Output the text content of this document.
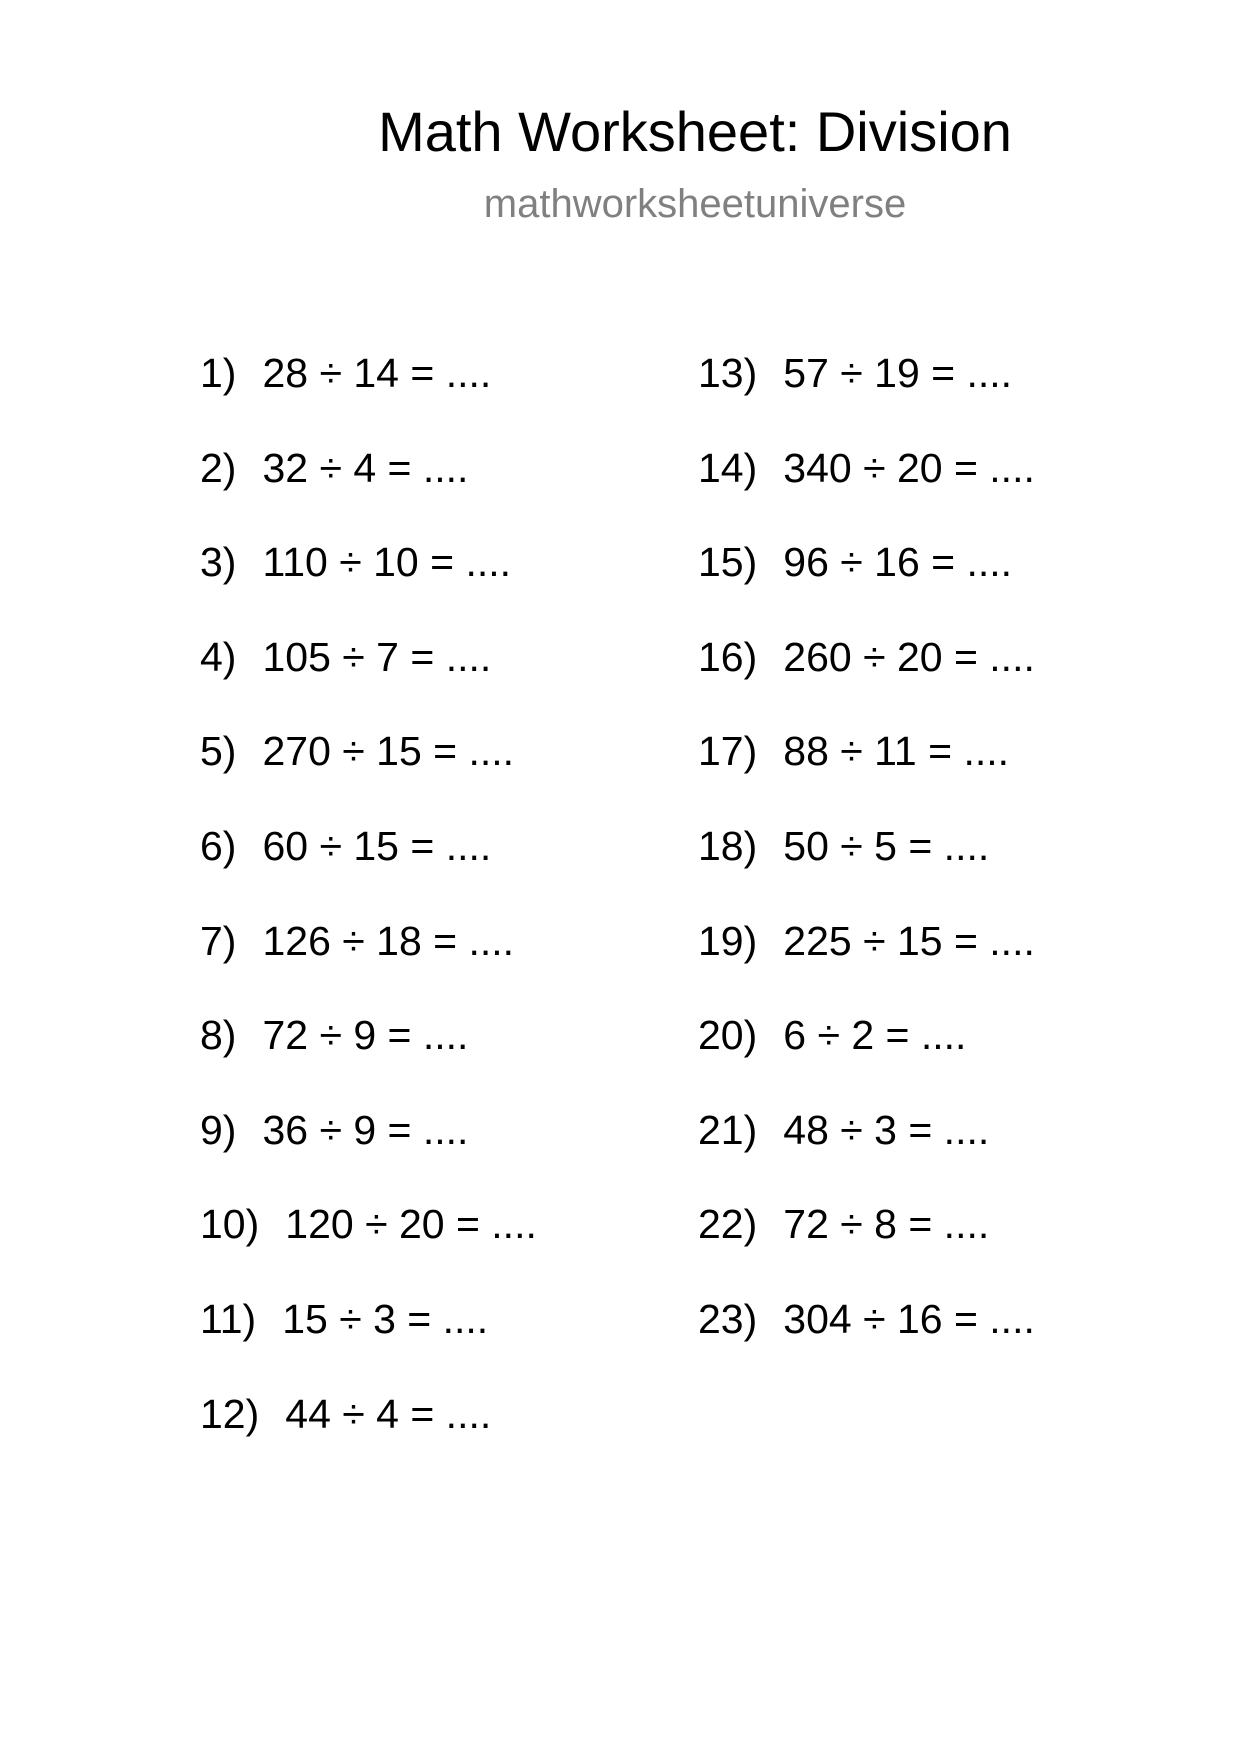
Math Worksheet: Division
mathworksheetuniverse
1) 28 ÷ 14 = ....
2) 32 ÷ 4 = ....
3) 110 ÷ 10 = ....
4) 105 ÷ 7 = ....
5) 270 ÷ 15 = ....
6) 60 ÷ 15 = ....
7) 126 ÷ 18 = ....
8) 72 ÷ 9 = ....
9) 36 ÷ 9 = ....
10) 120 ÷ 20 = ....
11) 15 ÷ 3 = ....
12) 44 ÷ 4 = ....
13) 57 ÷ 19 = ....
14) 340 ÷ 20 = ....
15) 96 ÷ 16 = ....
16) 260 ÷ 20 = ....
17) 88 ÷ 11 = ....
18) 50 ÷ 5 = ....
19) 225 ÷ 15 = ....
20) 6 ÷ 2 = ....
21) 48 ÷ 3 = ....
22) 72 ÷ 8 = ....
23) 304 ÷ 16 = ....
